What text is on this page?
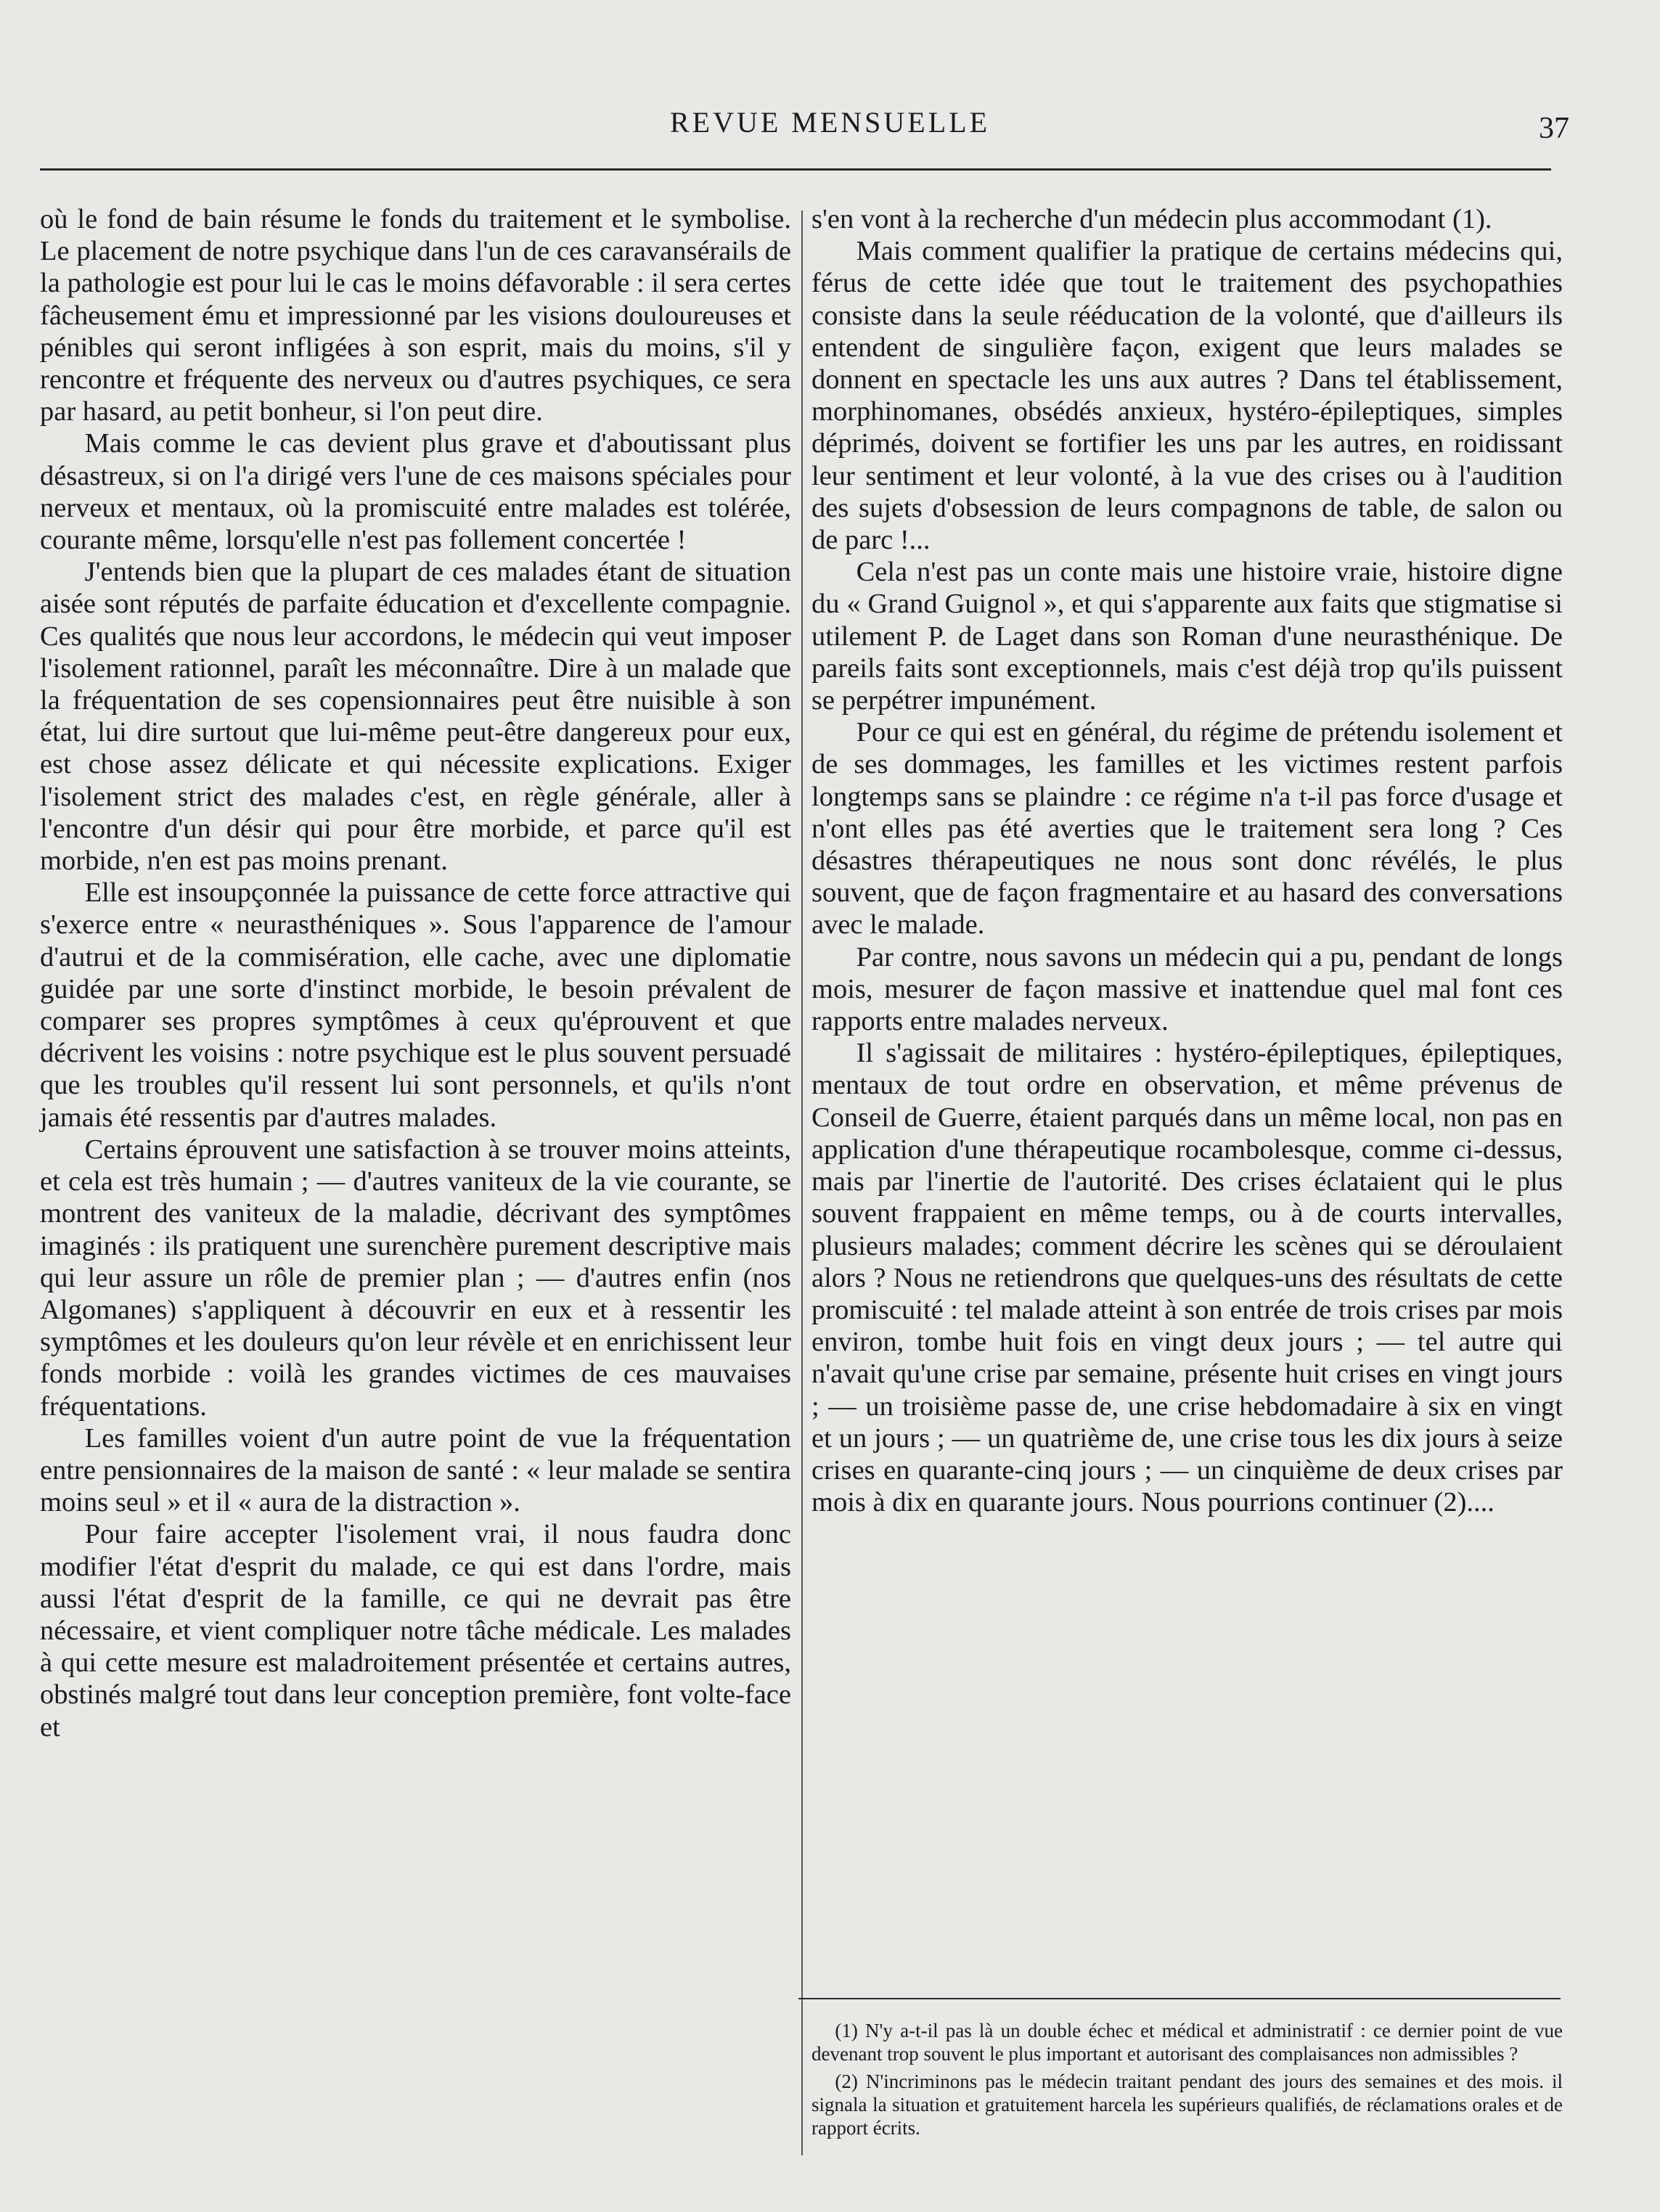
REVUE MENSUELLE	37

où le fond de bain résume le fonds du traitement et le symbolise. Le placement de notre psychique dans l'un de ces caravansérails de la pathologie est pour lui le cas le moins défavorable : il sera certes fâcheusement ému et impressionné par les visions douloureuses et pénibles qui seront infligées à son esprit, mais du moins, s'il y rencontre et fréquente des nerveux ou d'autres psychiques, ce sera par hasard, au petit bonheur, si l'on peut dire.

Mais comme le cas devient plus grave et d'aboutissant plus désastreux, si on l'a dirigé vers l'une de ces maisons spéciales pour nerveux et mentaux, où la promiscuité entre malades est tolérée, courante même, lorsqu'elle n'est pas follement concertée !

J'entends bien que la plupart de ces malades étant de situation aisée sont réputés de parfaite éducation et d'excellente compagnie. Ces qualités que nous leur accordons, le médecin qui veut imposer l'isolement rationnel, paraît les méconnaître. Dire à un malade que la fréquentation de ses copensionnaires peut être nuisible à son état, lui dire surtout que lui-même peut-être dangereux pour eux, est chose assez délicate et qui nécessite explications. Exiger l'isolement strict des malades c'est, en règle générale, aller à l'encontre d'un désir qui pour être morbide, et parce qu'il est morbide, n'en est pas moins prenant.

Elle est insoupçonnée la puissance de cette force attractive qui s'exerce entre « neurasthéniques ». Sous l'apparence de l'amour d'autrui et de la commisération, elle cache, avec une diplomatie guidée par une sorte d'instinct morbide, le besoin prévalent de comparer ses propres symptômes à ceux qu'éprouvent et que décrivent les voisins : notre psychique est le plus souvent persuadé que les troubles qu'il ressent lui sont personnels, et qu'ils n'ont jamais été ressentis par d'autres malades.

Certains éprouvent une satisfaction à se trouver moins atteints, et cela est très humain ; — d'autres vaniteux de la vie courante, se montrent des vaniteux de la maladie, décrivant des symptômes imaginés : ils pratiquent une surenchère purement descriptive mais qui leur assure un rôle de premier plan ; — d'autres enfin (nos Algomanes) s'appliquent à découvrir en eux et à ressentir les symptômes et les douleurs qu'on leur révèle et en enrichissent leur fonds morbide : voilà les grandes victimes de ces mauvaises fréquentations.

Les familles voient d'un autre point de vue la fréquentation entre pensionnaires de la maison de santé : « leur malade se sentira moins seul » et il « aura de la distraction ».

Pour faire accepter l'isolement vrai, il nous faudra donc modifier l'état d'esprit du malade, ce qui est dans l'ordre, mais aussi l'état d'esprit de la famille, ce qui ne devrait pas être nécessaire, et vient compliquer notre tâche médicale. Les malades à qui cette mesure est maladroitement présentée et certains autres, obstinés malgré tout dans leur conception première, font volte-face et

s'en vont à la recherche d'un médecin plus accommodant (1).

Mais comment qualifier la pratique de certains médecins qui, férus de cette idée que tout le traitement des psychopathies consiste dans la seule rééducation de la volonté, que d'ailleurs ils entendent de singulière façon, exigent que leurs malades se donnent en spectacle les uns aux autres ? Dans tel établissement, morphinomanes, obsédés anxieux, hystéro-épileptiques, simples déprimés, doivent se fortifier les uns par les autres, en roidissant leur sentiment et leur volonté, à la vue des crises ou à l'audition des sujets d'obsession de leurs compagnons de table, de salon ou de parc !...

Cela n'est pas un conte mais une histoire vraie, histoire digne du « Grand Guignol », et qui s'apparente aux faits que stigmatise si utilement P. de Laget dans son Roman d'une neurasthénique. De pareils faits sont exceptionnels, mais c'est déjà trop qu'ils puissent se perpétrer impunément.

Pour ce qui est en général, du régime de prétendu isolement et de ses dommages, les familles et les victimes restent parfois longtemps sans se plaindre : ce régime n'a t-il pas force d'usage et n'ont elles pas été averties que le traitement sera long ? Ces désastres thérapeutiques ne nous sont donc révélés, le plus souvent, que de façon fragmentaire et au hasard des conversations avec le malade.

Par contre, nous savons un médecin qui a pu, pendant de longs mois, mesurer de façon massive et inattendue quel mal font ces rapports entre malades nerveux.

Il s'agissait de militaires : hystéro-épileptiques, épileptiques, mentaux de tout ordre en observation, et même prévenus de Conseil de Guerre, étaient parqués dans un même local, non pas en application d'une thérapeutique rocambolesque, comme ci-dessus, mais par l'inertie de l'autorité. Des crises éclataient qui le plus souvent frappaient en même temps, ou à de courts intervalles, plusieurs malades; comment décrire les scènes qui se déroulaient alors ? Nous ne retiendrons que quelques-uns des résultats de cette promiscuité : tel malade atteint à son entrée de trois crises par mois environ, tombe huit fois en vingt deux jours ; — tel autre qui n'avait qu'une crise par semaine, présente huit crises en vingt jours ; — un troisième passe de, une crise hebdomadaire à six en vingt et un jours ; — un quatrième de, une crise tous les dix jours à seize crises en quarante-cinq jours ; — un cinquième de deux crises par mois à dix en quarante jours. Nous pourrions continuer (2)....

(1) N'y a-t-il pas là un double échec et médical et administratif : ce dernier point de vue devenant trop souvent le plus important et autorisant des complaisances non admissibles ?

(2) N'incriminons pas le médecin traitant pendant des jours des semaines et des mois. il signala la situation et gratuitement harcela les supérieurs qualifiés, de réclamations orales et de rapport écrits.
